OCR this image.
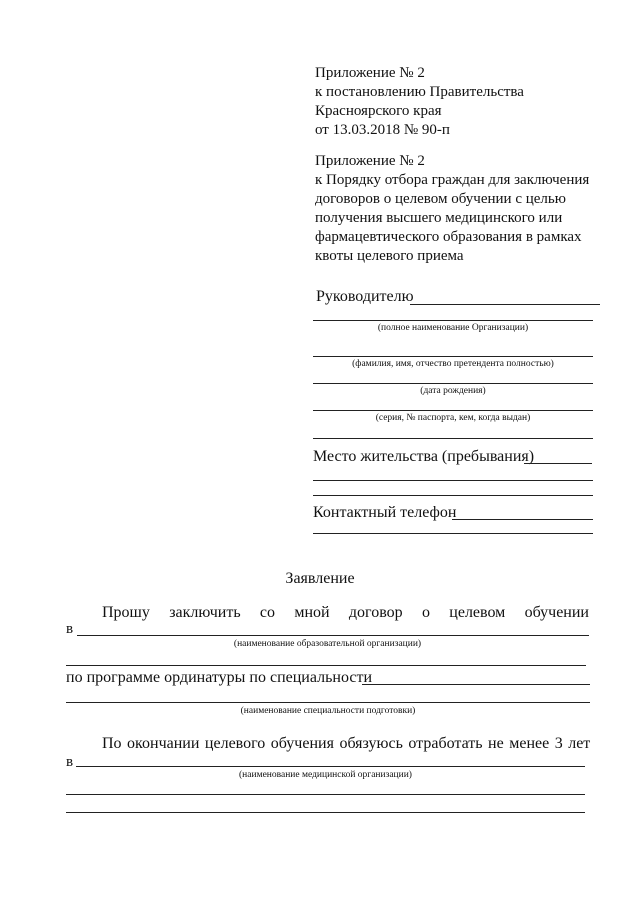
Приложение № 2

к постановлению Правительства

Красноярского края

от 13.03.2018 № 90-п

Приложение № 2

к Порядку отбора граждан для заключения

договоров о целевом обучении с целью

получения высшего медицинского или

фармацевтического образования в рамках

квоты целевого приема

Руководителю
(полное наименование Организации)
(фамилия, имя, отчество претендента полностью)
(дата рождения)
(серия, № паспорта, кем, когда выдан)
Место жительства (пребывания)
Контактный телефон
Заявление
Прошу заключить со мной договор о целевом обучении
в
(наименование образовательной организации)
по программе ординатуры по специальности
(наименование специальности подготовки)
По окончании целевого обучения обязуюсь отработать не менее 3 лет
в
(наименование медицинской организации)
